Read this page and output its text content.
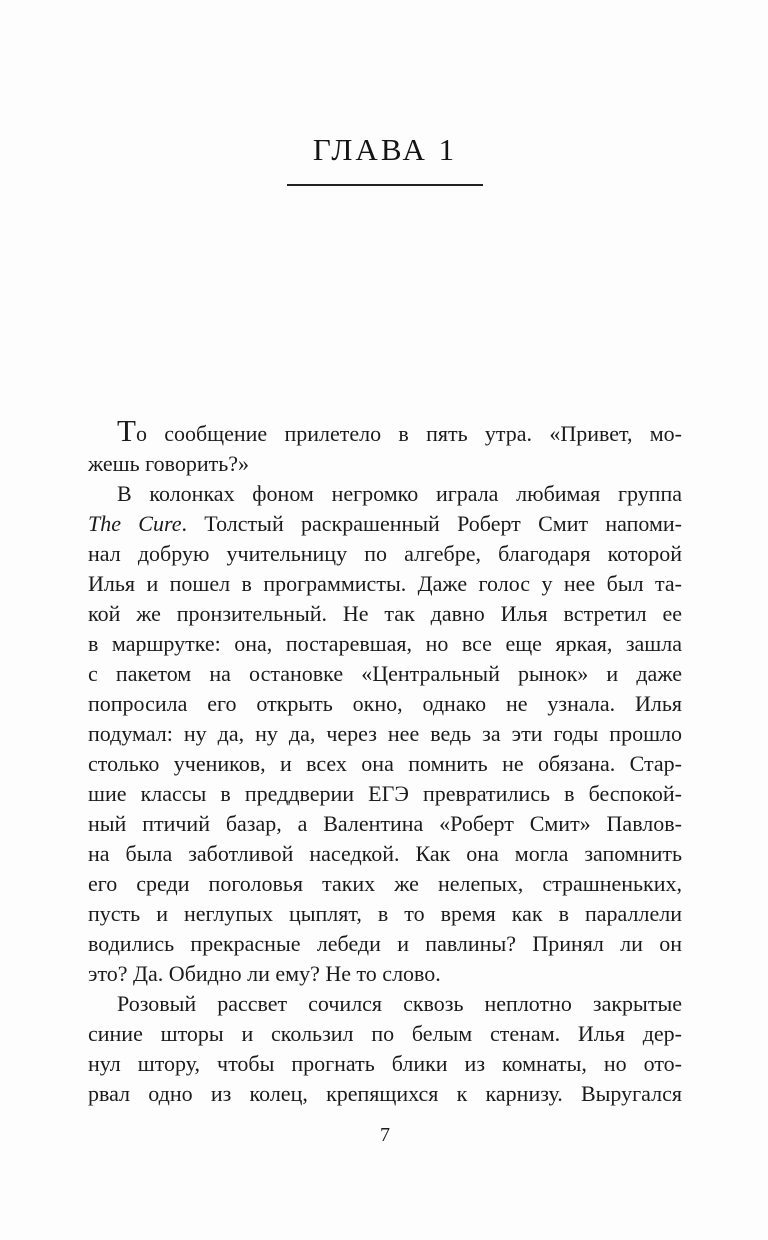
ГЛАВА 1
То сообщение прилетело в пять утра. «Привет, мо-
жешь говорить?»
В колонках фоном негромко играла любимая группа
The Cure. Толстый раскрашенный Роберт Смит напоми-
нал добрую учительницу по алгебре, благодаря которой
Илья и пошел в программисты. Даже голос у нее был та-
кой же пронзительный. Не так давно Илья встретил ее
в маршрутке: она, постаревшая, но все еще яркая, зашла
с пакетом на остановке «Центральный рынок» и даже
попросила его открыть окно, однако не узнала. Илья
подумал: ну да, ну да, через нее ведь за эти годы прошло
столько учеников, и всех она помнить не обязана. Стар-
шие классы в преддверии ЕГЭ превратились в беспокой-
ный птичий базар, а Валентина «Роберт Смит» Павлов-
на была заботливой наседкой. Как она могла запомнить
его среди поголовья таких же нелепых, страшненьких,
пусть и неглупых цыплят, в то время как в параллели
водились прекрасные лебеди и павлины? Принял ли он
это? Да. Обидно ли ему? Не то слово.
Розовый рассвет сочился сквозь неплотно закрытые
синие шторы и скользил по белым стенам. Илья дер-
нул штору, чтобы прогнать блики из комнаты, но ото-
рвал одно из колец, крепящихся к карнизу. Выругался
7
